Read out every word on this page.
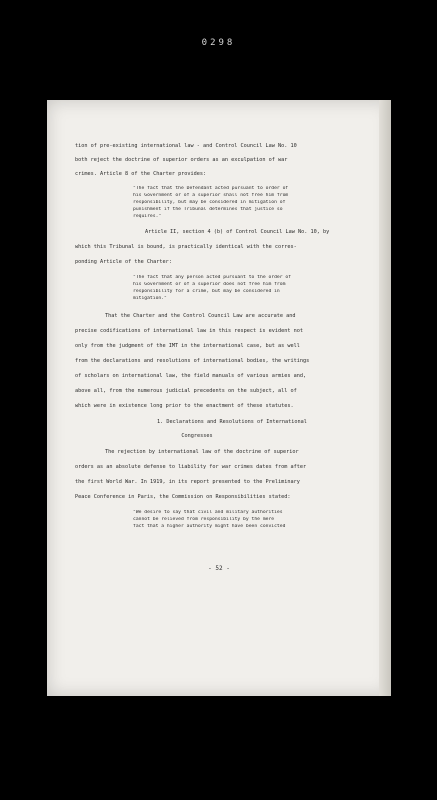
0298
tion of pre-existing international law - and Control Council Law No. 10
both reject the doctrine of superior orders as an exculpation of war
crimes. Article 8 of the Charter provides:
"The fact that the Defendant acted pursuant to order of
his Government or of a superior shall not free him from
responsibility, but may be considered in mitigation of
punishment if the Tribunal determines that justice so
requires."
Article II, section 4 (b) of Control Council Law No. 10, by
which this Tribunal is bound, is practically identical with the corres-
ponding Article of the Charter:
"The fact that any person acted pursuant to the order of
his Government or of a superior does not free him from
responsibility for a crime, but may be considered in
mitigation."
That the Charter and the Control Council Law are accurate and
precise codifications of international law in this respect is evident not
only from the judgment of the IMT in the international case, but as well
from the declarations and resolutions of international bodies, the writings
of scholars on international law, the field manuals of various armies and,
above all, from the numerous judicial precedents on the subject, all of
which were in existence long prior to the enactment of these statutes.
1. Declarations and Resolutions of International
Congresses
The rejection by international law of the doctrine of superior
orders as an absolute defense to liability for war crimes dates from after
the first World War. In 1919, in its report presented to the Preliminary
Peace Conference in Paris, the Commission on Responsibilities stated:
"We desire to say that civil and military authorities
cannot be relieved from responsibility by the mere
fact that a higher authority might have been convicted
- 52 -
